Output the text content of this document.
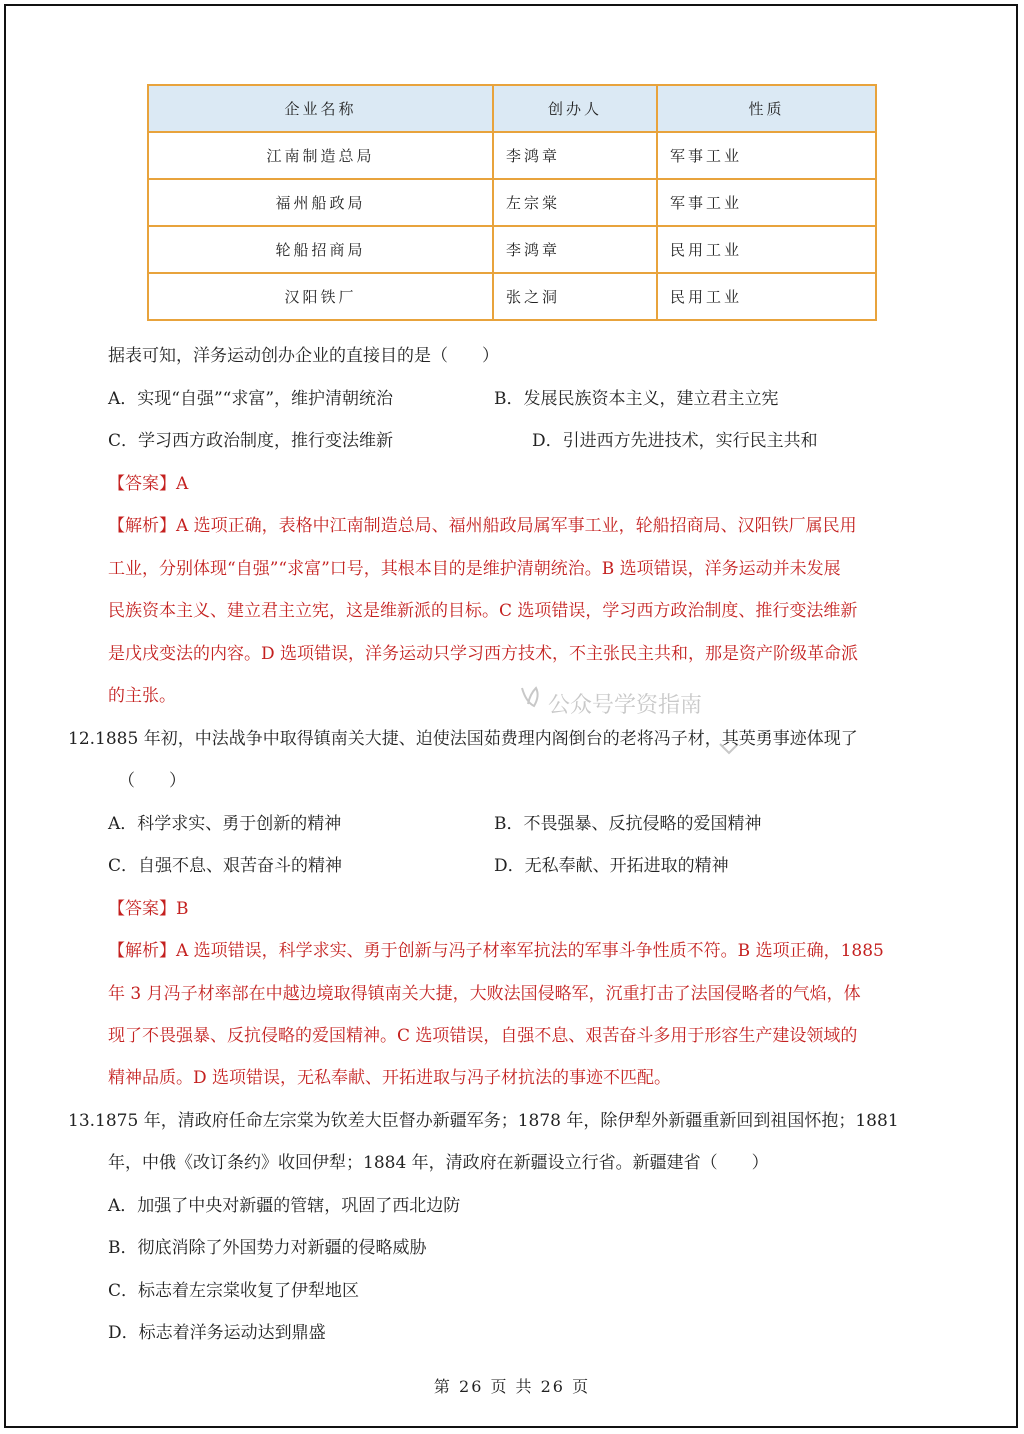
企业名称	创办人	性质
江南制造总局	李鸿章	军事工业
福州船政局	左宗棠	军事工业
轮船招商局	李鸿章	民用工业
汉阳铁厂	张之洞	民用工业
据表可知，洋务运动创办企业的直接目的是（　　）
A．实现“自强”“求富”，维护清朝统治	B．发展民族资本主义，建立君主立宪
C．学习西方政治制度，推行变法维新	D．引进西方先进技术，实行民主共和
【答案】A
【解析】A 选项正确，表格中江南制造总局、福州船政局属军事工业，轮船招商局、汉阳铁厂属民用
工业，分别体现“自强”“求富”口号，其根本目的是维护清朝统治。B 选项错误，洋务运动并未发展
民族资本主义、建立君主立宪，这是维新派的目标。C 选项错误，学习西方政治制度、推行变法维新
是戊戌变法的内容。D 选项错误，洋务运动只学习西方技术，不主张民主共和，那是资产阶级革命派
的主张。	公众号学资指南
12.1885 年初，中法战争中取得镇南关大捷、迫使法国茹费理内阁倒台的老将冯子材，其英勇事迹体现了
（　　）
A．科学求实、勇于创新的精神	B．不畏强暴、反抗侵略的爱国精神
C．自强不息、艰苦奋斗的精神	D．无私奉献、开拓进取的精神
【答案】B
【解析】A 选项错误，科学求实、勇于创新与冯子材率军抗法的军事斗争性质不符。B 选项正确，1885
年 3 月冯子材率部在中越边境取得镇南关大捷，大败法国侵略军，沉重打击了法国侵略者的气焰，体
现了不畏强暴、反抗侵略的爱国精神。C 选项错误，自强不息、艰苦奋斗多用于形容生产建设领域的
精神品质。D 选项错误，无私奉献、开拓进取与冯子材抗法的事迹不匹配。
13.1875 年，清政府任命左宗棠为钦差大臣督办新疆军务；1878 年，除伊犁外新疆重新回到祖国怀抱；1881
年，中俄《改订条约》收回伊犁；1884 年，清政府在新疆设立行省。新疆建省（　　）
A．加强了中央对新疆的管辖，巩固了西北边防
B．彻底消除了外国势力对新疆的侵略威胁
C．标志着左宗棠收复了伊犁地区
D．标志着洋务运动达到鼎盛
第 26 页 共 26 页
